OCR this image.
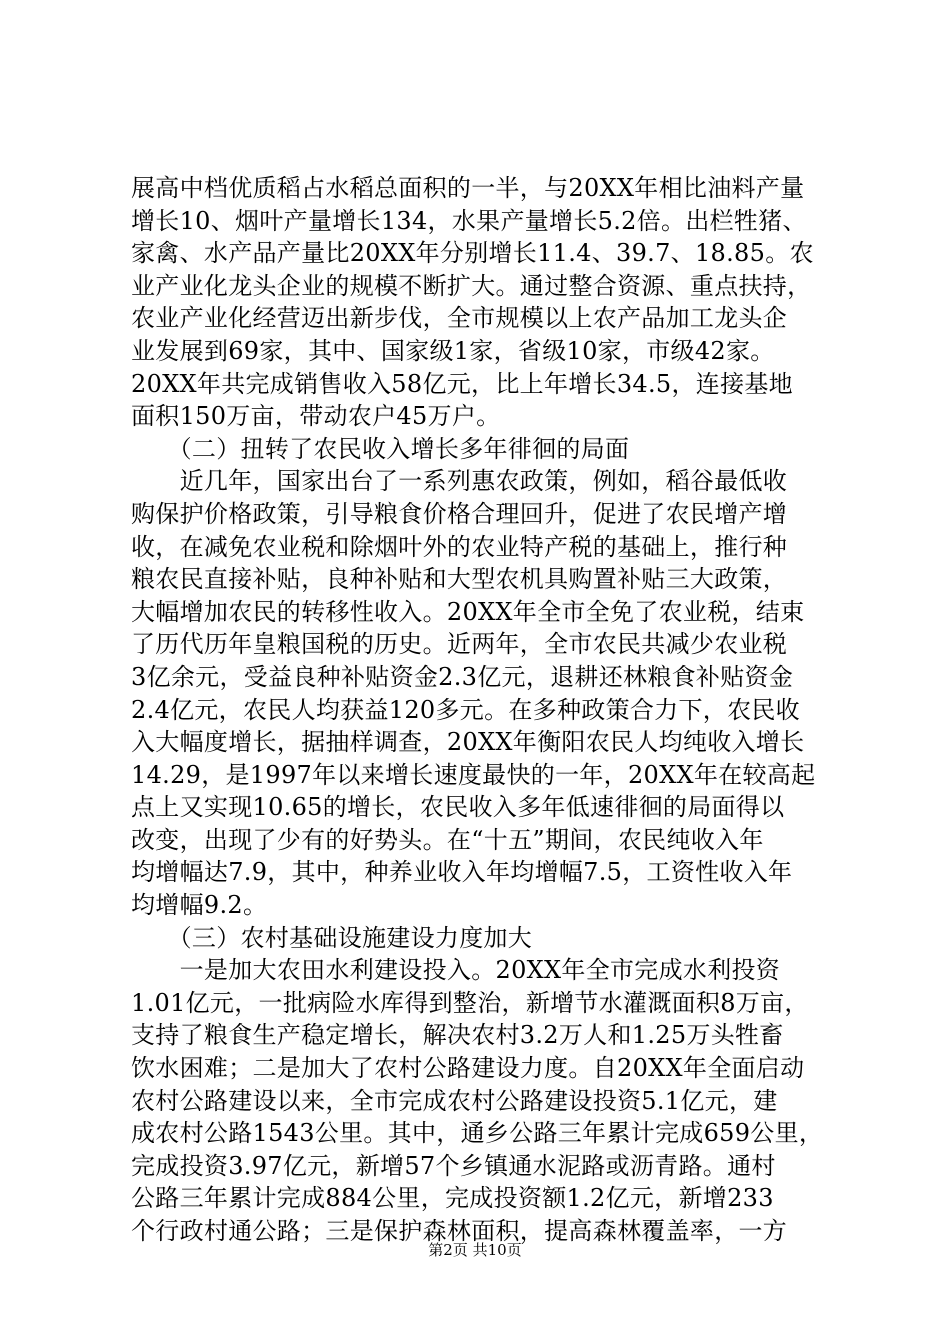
展高中档优质稻占水稻总面积的一半，与20XX年相比油料产量
增长10、烟叶产量增长134，水果产量增长5.2倍。出栏牲猪、
家禽、水产品产量比20XX年分别增长11.4、39.7、18.85。农
业产业化龙头企业的规模不断扩大。通过整合资源、重点扶持，
农业产业化经营迈出新步伐，全市规模以上农产品加工龙头企
业发展到69家，其中、国家级1家，省级10家，市级42家。
20XX年共完成销售收入58亿元，比上年增长34.5，连接基地
面积150万亩，带动农户45万户。
　　（二）扭转了农民收入增长多年徘徊的局面
　　近几年，国家出台了一系列惠农政策，例如，稻谷最低收
购保护价格政策，引导粮食价格合理回升，促进了农民增产增
收，在减免农业税和除烟叶外的农业特产税的基础上，推行种
粮农民直接补贴，良种补贴和大型农机具购置补贴三大政策，
大幅增加农民的转移性收入。20XX年全市全免了农业税，结束
了历代历年皇粮国税的历史。近两年，全市农民共减少农业税
3亿余元，受益良种补贴资金2.3亿元，退耕还林粮食补贴资金
2.4亿元，农民人均获益120多元。在多种政策合力下，农民收
入大幅度增长，据抽样调查，20XX年衡阳农民人均纯收入增长
14.29，是1997年以来增长速度最快的一年，20XX年在较高起
点上又实现10.65的增长，农民收入多年低速徘徊的局面得以
改变，出现了少有的好势头。在“十五”期间，农民纯收入年
均增幅达7.9，其中，种养业收入年均增幅7.5，工资性收入年
均增幅9.2。
　　（三）农村基础设施建设力度加大
　　一是加大农田水利建设投入。20XX年全市完成水利投资
1.01亿元，一批病险水库得到整治，新增节水灌溉面积8万亩，
支持了粮食生产稳定增长，解决农村3.2万人和1.25万头牲畜
饮水困难；二是加大了农村公路建设力度。自20XX年全面启动
农村公路建设以来，全市完成农村公路建设投资5.1亿元，建
成农村公路1543公里。其中，通乡公路三年累计完成659公里，
完成投资3.97亿元，新增57个乡镇通水泥路或沥青路。通村
公路三年累计完成884公里，完成投资额1.2亿元，新增233
个行政村通公路；三是保护森林面积，提高森林覆盖率，一方
第2页 共10页
